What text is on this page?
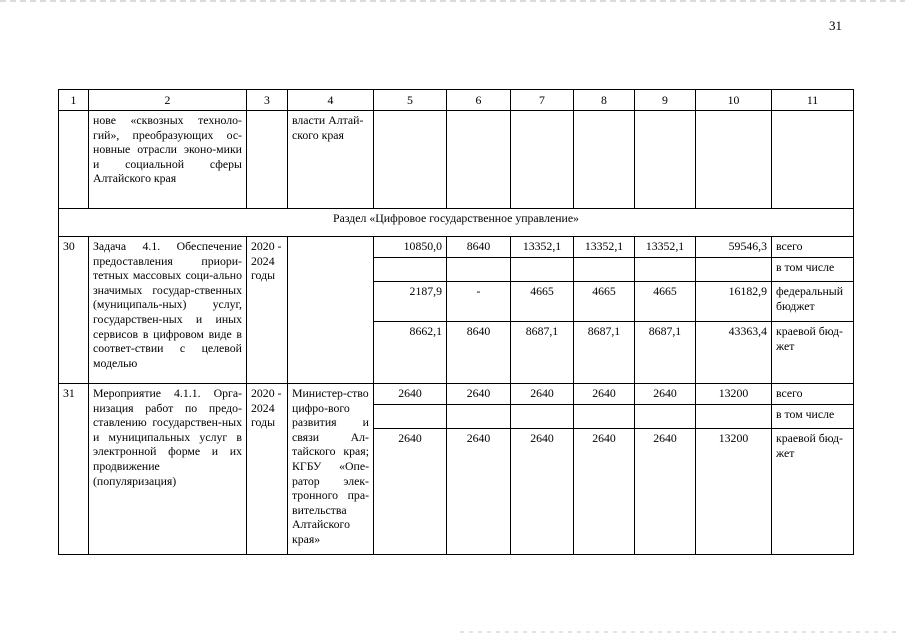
31
1	2	3	4	5	6	7	8	9	10	11
	нове «сквозных техноло-гий», преобразующих ос-новные отрасли эконо-мики и социальной сферы Алтайского края		власти Алтай-ского края							
Раздел «Цифровое государственное управление»										
30	Задача 4.1. Обеспечение предоставления приори-тетных массовых соци-ально значимых государ-ственных (муниципаль-ных) услуг, государствен-ных и иных сервисов в цифровом виде в соответ-ствии с целевой моделью	2020 - 2024 годы		10850,0	8640	13352,1	13352,1	13352,1	59546,3	всего
										в том числе
				2187,9	-	4665	4665	4665	16182,9	федеральный бюджет
				8662,1	8640	8687,1	8687,1	8687,1	43363,4	краевой бюд-жет
31	Мероприятие 4.1.1. Орга-низация работ по предо-ставлению государствен-ных и муниципальных услуг в электронной форме и их продвижение (популяризация)	2020 - 2024 годы	Министер-ство цифро-вого развития и связи Ал-тайского края; КГБУ «Опе-ратор элек-тронного пра-вительства Алтайского края»	2640	2640	2640	2640	2640	13200	всего
										в том числе
				2640	2640	2640	2640	2640	13200	краевой бюд-жет
